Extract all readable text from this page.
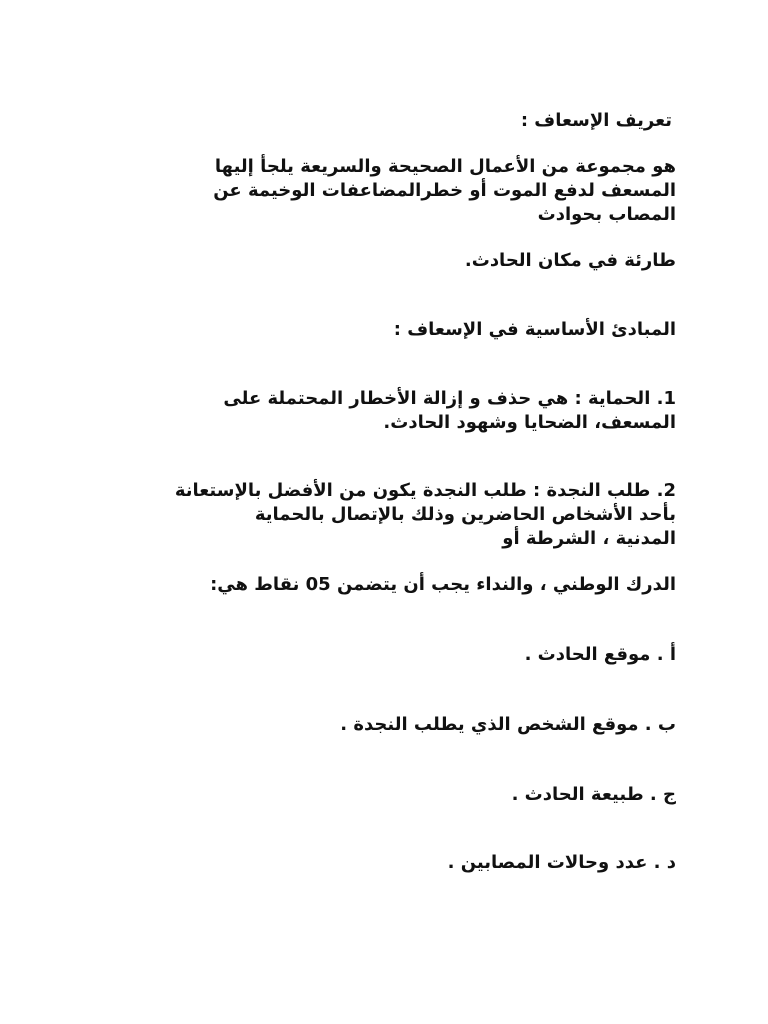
تعريف الإسعاف :
هو مجموعة من الأعمال الصحيحة والسريعة يلجأ إليها
المسعف لدفع الموت أو خطرالمضاعفات الوخيمة عن
المصاب بحوادث
طارئة في مكان الحادث.
المبادئ الأساسية في الإسعاف :
1. الحماية : هي حذف و إزالة الأخطار المحتملة على
المسعف، الضحايا وشهود الحادث.
2. طلب النجدة : طلب النجدة يكون من الأفضل بالإستعانة
بأحد الأشخاص الحاضرين وذلك بالإتصال بالحماية
المدنية ، الشرطة أو
الدرك الوطني ، والنداء يجب أن يتضمن 05 نقاط هي:
أ . موقع الحادث .
ب . موقع الشخص الذي يطلب النجدة .
ج . طبيعة الحادث .
د . عدد وحالات المصابين .
